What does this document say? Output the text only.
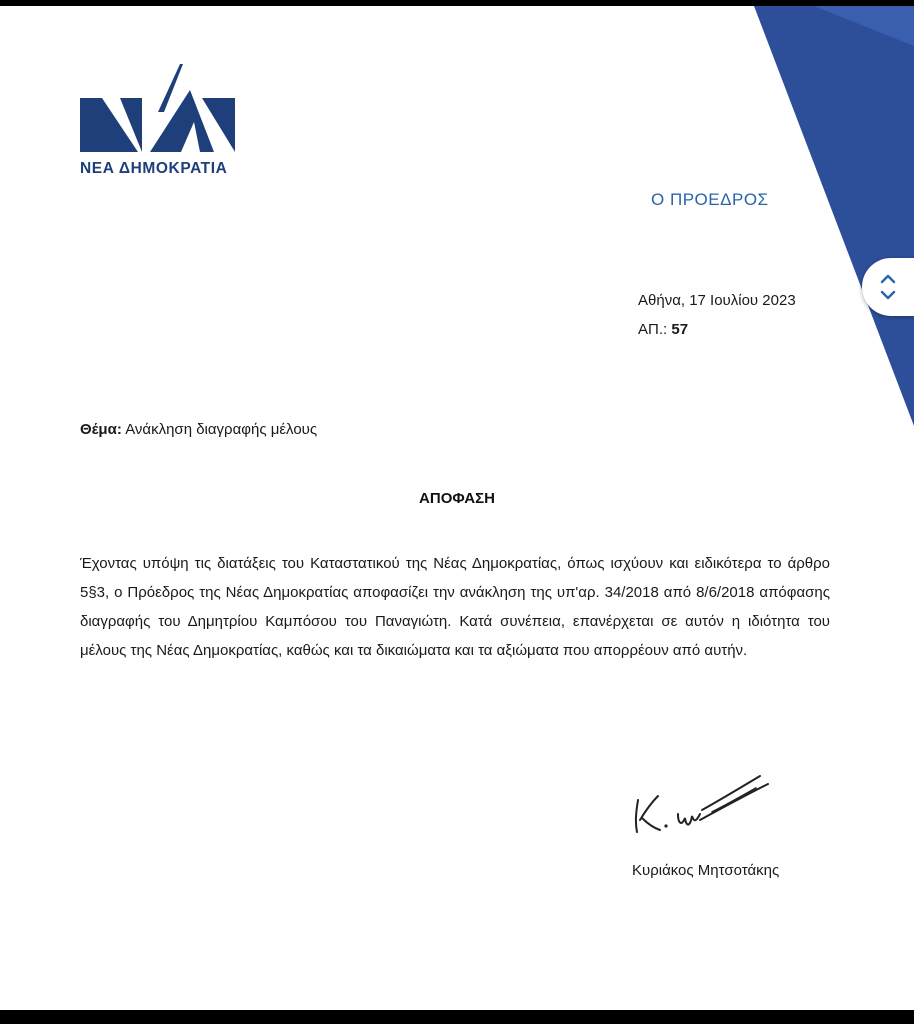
ΝΕΑ ΔΗΜΟΚΡΑΤΙΑ
Ο ΠΡΟΕΔΡΟΣ
Αθήνα, 17 Ιουλίου 2023
ΑΠ.: 57
Θέμα: Ανάκληση διαγραφής μέλους
ΑΠΟΦΑΣΗ

Έχοντας υπόψη τις διατάξεις του Καταστατικού της Νέας Δημοκρατίας, όπως ισχύουν και ειδικότερα το άρθρο 5§3, ο Πρόεδρος της Νέας Δημοκρατίας αποφασίζει την ανάκληση της υπ'αρ. 34/2018 από 8/6/2018 απόφασης διαγραφής του Δημητρίου Καμπόσου του Παναγιώτη. Κατά συνέπεια, επανέρχεται σε αυτόν η ιδιότητα του μέλους της Νέας Δημοκρατίας, καθώς και τα δικαιώματα και τα αξιώματα που απορρέουν από αυτήν.

Κυριάκος Μητσοτάκης
